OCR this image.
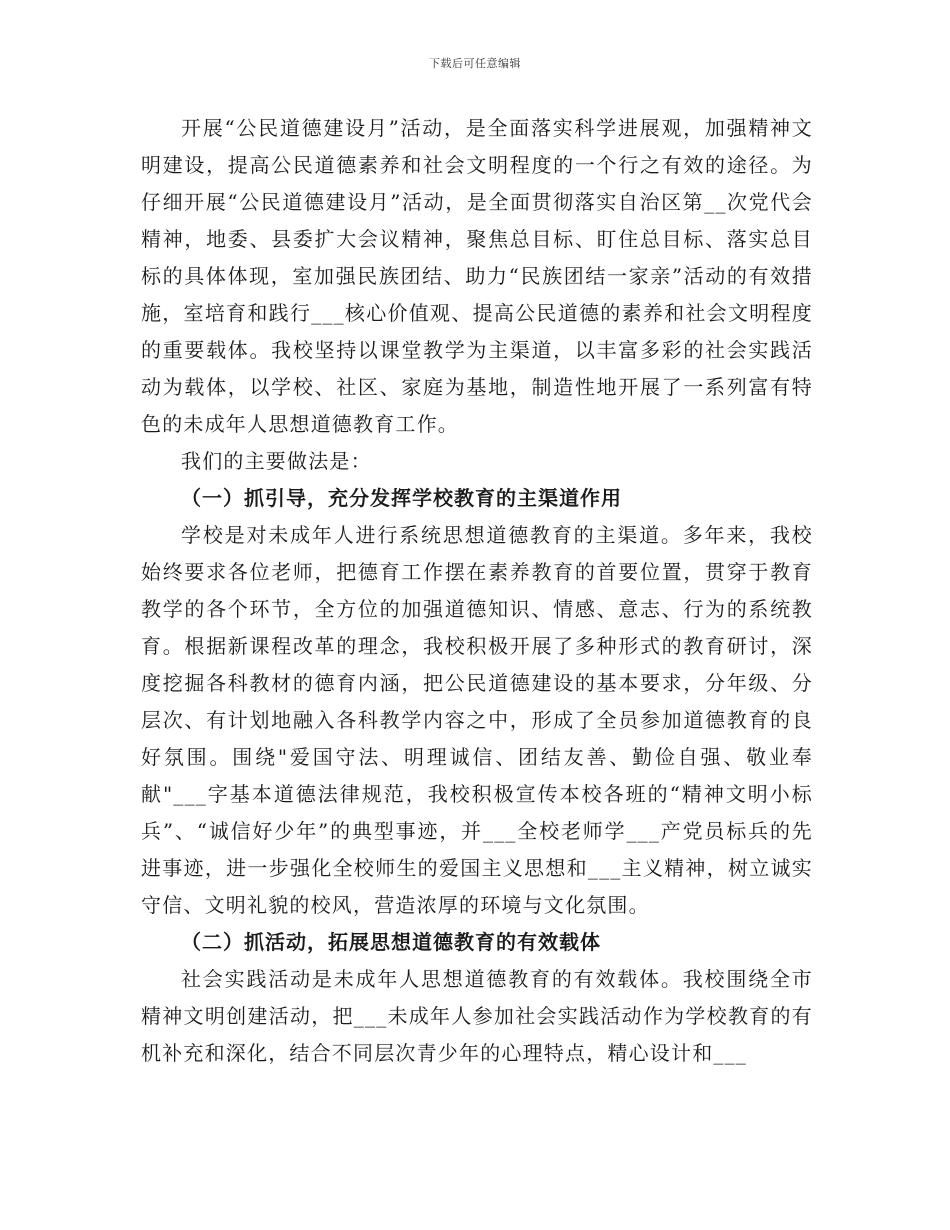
下载后可任意编辑

开展“公民道德建设月”活动，是全面落实科学进展观，加强精神文明建设，提高公民道德素养和社会文明程度的一个行之有效的途径。为仔细开展“公民道德建设月”活动，是全面贯彻落实自治区第__次党代会精神，地委、县委扩大会议精神，聚焦总目标、盯住总目标、落实总目标的具体体现，室加强民族团结、助力“民族团结一家亲”活动的有效措施，室培育和践行___核心价值观、提高公民道德的素养和社会文明程度的重要载体。我校坚持以课堂教学为主渠道，以丰富多彩的社会实践活动为载体，以学校、社区、家庭为基地，制造性地开展了一系列富有特色的未成年人思想道德教育工作。

我们的主要做法是：

（一）抓引导，充分发挥学校教育的主渠道作用

学校是对未成年人进行系统思想道德教育的主渠道。多年来，我校始终要求各位老师，把德育工作摆在素养教育的首要位置，贯穿于教育教学的各个环节，全方位的加强道德知识、情感、意志、行为的系统教育。根据新课程改革的理念，我校积极开展了多种形式的教育研讨，深度挖掘各科教材的德育内涵，把公民道德建设的基本要求，分年级、分层次、有计划地融入各科教学内容之中，形成了全员参加道德教育的良好氛围。围绕"爱国守法、明理诚信、团结友善、勤俭自强、敬业奉献"___字基本道德法律规范，我校积极宣传本校各班的“精神文明小标兵”、“诚信好少年”的典型事迹，并___全校老师学___产党员标兵的先进事迹，进一步强化全校师生的爱国主义思想和___主义精神，树立诚实守信、文明礼貌的校风，营造浓厚的环境与文化氛围。

（二）抓活动，拓展思想道德教育的有效载体

社会实践活动是未成年人思想道德教育的有效载体。我校围绕全市精神文明创建活动，把___未成年人参加社会实践活动作为学校教育的有机补充和深化，结合不同层次青少年的心理特点，精心设计和___
